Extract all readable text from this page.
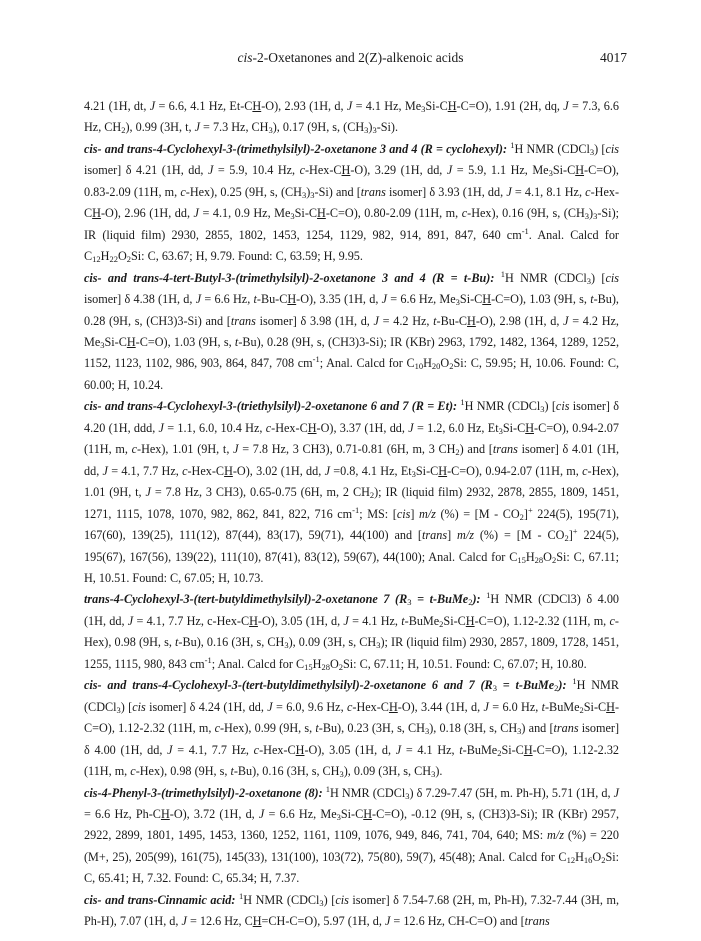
cis-2-Oxetanones and 2(Z)-alkenoic acids	4017

4.21 (1H, dt, J = 6.6, 4.1 Hz, Et-CH-O), 2.93 (1H, d, J = 4.1 Hz, $Me_3Si-CH-C=O$), 1.91 (2H, dq, J = 7.3, 6.6 Hz, $CH_2$), 0.99 (3H, t, J = 7.3 Hz, $CH_3$), 0.17 (9H, s, $(CH_3)_3-Si$).

cis- and trans-4-Cyclohexyl-3-(trimethylsilyl)-2-oxetanone 3 and 4 (R = cyclohexyl): $^1$H NMR (CDCl$_3$) [cis isomer] δ 4.21 (1H, dd, J = 5.9, 10.4 Hz, c-Hex-CH-O), 3.29 (1H, dd, J = 5.9, 1.1 Hz, $Me_3Si-CH-C=O$), 0.83-2.09 (11H, m, c-Hex), 0.25 (9H, s, $(CH_3)_3-Si$) and [trans isomer] δ 3.93 (1H, dd, J = 4.1, 8.1 Hz, c-Hex-CH-O), 2.96 (1H, dd, J = 4.1, 0.9 Hz, $Me_3Si-CH-C=O$), 0.80-2.09 (11H, m, c-Hex), 0.16 (9H, s, $(CH_3)_3-Si$); IR (liquid film) 2930, 2855, 1802, 1453, 1254, 1129, 982, 914, 891, 847, 640 $cm^{-1}$. Anal. Calcd for $C_{12}H_{22}O_2Si$: C, 63.67; H, 9.79. Found: C, 63.59; H, 9.95.

cis- and trans-4-tert-Butyl-3-(trimethylsilyl)-2-oxetanone 3 and 4 (R = t-Bu): $^1$H NMR (CDCl$_3$) [cis isomer] δ 4.38 (1H, d, J = 6.6 Hz, t-Bu-CH-O), 3.35 (1H, d, J = 6.6 Hz, $Me_3Si-CH-C=O$), 1.03 (9H, s, t-Bu), 0.28 (9H, s, (CH3)3-Si) and [trans isomer] δ 3.98 (1H, d, J = 4.2 Hz, t-Bu-CH-O), 2.98 (1H, d, J = 4.2 Hz, $Me_3Si-CH-C=O$), 1.03 (9H, s, t-Bu), 0.28 (9H, s, (CH3)3-Si); IR (KBr) 2963, 1792, 1482, 1364, 1289, 1252, 1152, 1123, 1102, 986, 903, 864, 847, 708 $cm^{-1}$; Anal. Calcd for $C_{10}H_{20}O_2Si$: C, 59.95; H, 10.06. Found: C, 60.00; H, 10.24.

cis- and trans-4-Cyclohexyl-3-(triethylsilyl)-2-oxetanone 6 and 7 (R = Et): $^1$H NMR (CDCl$_3$) [cis isomer] δ 4.20 (1H, ddd, J = 1.1, 6.0, 10.4 Hz, c-Hex-CH-O), 3.37 (1H, dd, J = 1.2, 6.0 Hz, $Et_3Si-CH-C=O$), 0.94-2.07 (11H, m, c-Hex), 1.01 (9H, t, J = 7.8 Hz, 3 CH3), 0.71-0.81 (6H, m, 3 $CH_2$) and [trans isomer] δ 4.01 (1H, dd, J = 4.1, 7.7 Hz, c-Hex-CH-O), 3.02 (1H, dd, J =0.8, 4.1 Hz, $Et_3Si-CH-C=O$), 0.94-2.07 (11H, m, c-Hex), 1.01 (9H, t, J = 7.8 Hz, 3 CH3), 0.65-0.75 (6H, m, 2 $CH_2$); IR (liquid film) 2932, 2878, 2855, 1809, 1451, 1271, 1115, 1078, 1070, 982, 862, 841, 822, 716 $cm^{-1}$; MS: [cis] m/z (%) = $[M - CO_2]^+$ 224(5), 195(71), 167(60), 139(25), 111(12), 87(44), 83(17), 59(71), 44(100) and [trans] m/z (%) = $[M - CO_2]^+$ 224(5), 195(67), 167(56), 139(22), 111(10), 87(41), 83(12), 59(67), 44(100); Anal. Calcd for $C_{15}H_{28}O_2Si$: C, 67.11; H, 10.51. Found: C, 67.05; H, 10.73.

trans-4-Cyclohexyl-3-(tert-butyldimethylsilyl)-2-oxetanone 7 ($R_3$ = t-BuMe$_2$): $^1$H NMR (CDCl3) δ 4.00 (1H, dd, J = 4.1, 7.7 Hz, c-Hex-CH-O), 3.05 (1H, d, J = 4.1 Hz, t-BuMe$_2$Si-CH-C=O), 1.12-2.32 (11H, m, c-Hex), 0.98 (9H, s, t-Bu), 0.16 (3H, s, $CH_3$), 0.09 (3H, s, $CH_3$); IR (liquid film) 2930, 2857, 1809, 1728, 1451, 1255, 1115, 980, 843 $cm^{-1}$; Anal. Calcd for $C_{15}H_{28}O_2Si$: C, 67.11; H, 10.51. Found: C, 67.07; H, 10.80.

cis- and trans-4-Cyclohexyl-3-(tert-butyldimethylsilyl)-2-oxetanone 6 and 7 ($R_3$ = t-BuMe$_2$): $^1$H NMR (CDCl$_3$) [cis isomer] δ 4.24 (1H, dd, J = 6.0, 9.6 Hz, c-Hex-CH-O), 3.44 (1H, d, J = 6.0 Hz, t-BuMe$_2$Si-CH-C=O), 1.12-2.32 (11H, m, c-Hex), 0.99 (9H, s, t-Bu), 0.23 (3H, s, $CH_3$), 0.18 (3H, s, $CH_3$) and [trans isomer] δ 4.00 (1H, dd, J = 4.1, 7.7 Hz, c-Hex-CH-O), 3.05 (1H, d, J = 4.1 Hz, t-BuMe$_2$Si-CH-C=O), 1.12-2.32 (11H, m, c-Hex), 0.98 (9H, s, t-Bu), 0.16 (3H, s, $CH_3$), 0.09 (3H, s, $CH_3$).

cis-4-Phenyl-3-(trimethylsilyl)-2-oxetanone (8): $^1$H NMR (CDCl$_3$) δ 7.29-7.47 (5H, m. Ph-H), 5.71 (1H, d, J = 6.6 Hz, Ph-CH-O), 3.72 (1H, d, J = 6.6 Hz, $Me_3Si-CH-C=O$), -0.12 (9H, s, (CH3)3-Si); IR (KBr) 2957, 2922, 2899, 1801, 1495, 1453, 1360, 1252, 1161, 1109, 1076, 949, 846, 741, 704, 640; MS: m/z (%) = 220 (M+, 25), 205(99), 161(75), 145(33), 131(100), 103(72), 75(80), 59(7), 45(48); Anal. Calcd for $C_{12}H_{16}O_2Si$: C, 65.41; H, 7.32. Found: C, 65.34; H, 7.37.

cis- and trans-Cinnamic acid: $^1$H NMR (CDCl$_3$) [cis isomer] δ 7.54-7.68 (2H, m, Ph-H), 7.32-7.44 (3H, m, Ph-H), 7.07 (1H, d, J = 12.6 Hz, CH=CH-C=O), 5.97 (1H, d, J = 12.6 Hz, CH-C=O) and [trans
